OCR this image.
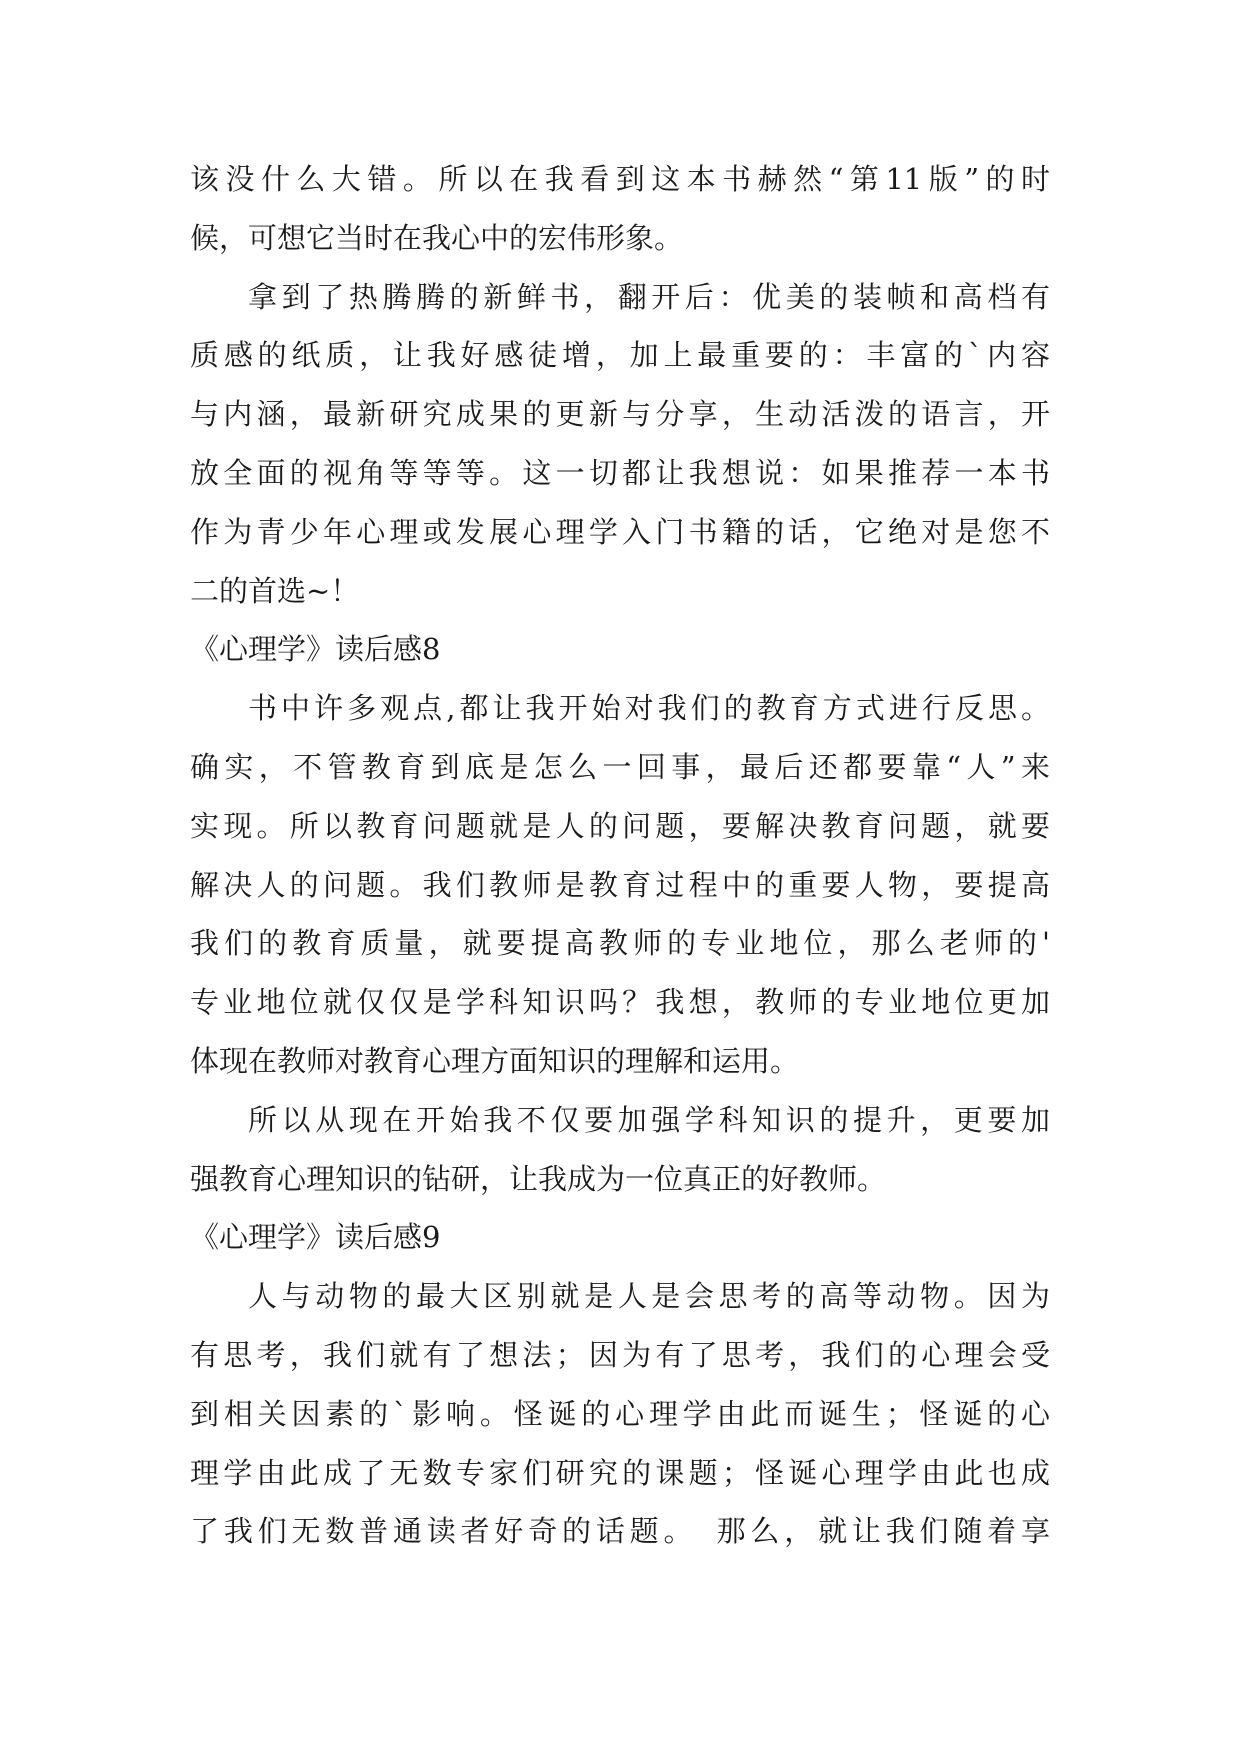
该没什么大错。所以在我看到这本书赫然“第11版”的时
候，可想它当时在我心中的宏伟形象。
拿到了热腾腾的新鲜书，翻开后：优美的装帧和高档有
质感的纸质，让我好感徒增，加上最重要的：丰富的`内容
与内涵，最新研究成果的更新与分享，生动活泼的语言，开
放全面的视角等等等。这一切都让我想说：如果推荐一本书
作为青少年心理或发展心理学入门书籍的话，它绝对是您不
二的首选~！
《心理学》读后感8
书中许多观点,都让我开始对我们的教育方式进行反思。
确实，不管教育到底是怎么一回事，最后还都要靠“人”来
实现。所以教育问题就是人的问题，要解决教育问题，就要
解决人的问题。我们教师是教育过程中的重要人物，要提高
我们的教育质量，就要提高教师的专业地位，那么老师的'
专业地位就仅仅是学科知识吗？我想，教师的专业地位更加
体现在教师对教育心理方面知识的理解和运用。
所以从现在开始我不仅要加强学科知识的提升，更要加
强教育心理知识的钻研，让我成为一位真正的好教师。
《心理学》读后感9
人与动物的最大区别就是人是会思考的高等动物。因为
有思考，我们就有了想法；因为有了思考，我们的心理会受
到相关因素的`影响。怪诞的心理学由此而诞生；怪诞的心
理学由此成了无数专家们研究的课题；怪诞心理学由此也成
了我们无数普通读者好奇的话题。　那么，就让我们随着享
